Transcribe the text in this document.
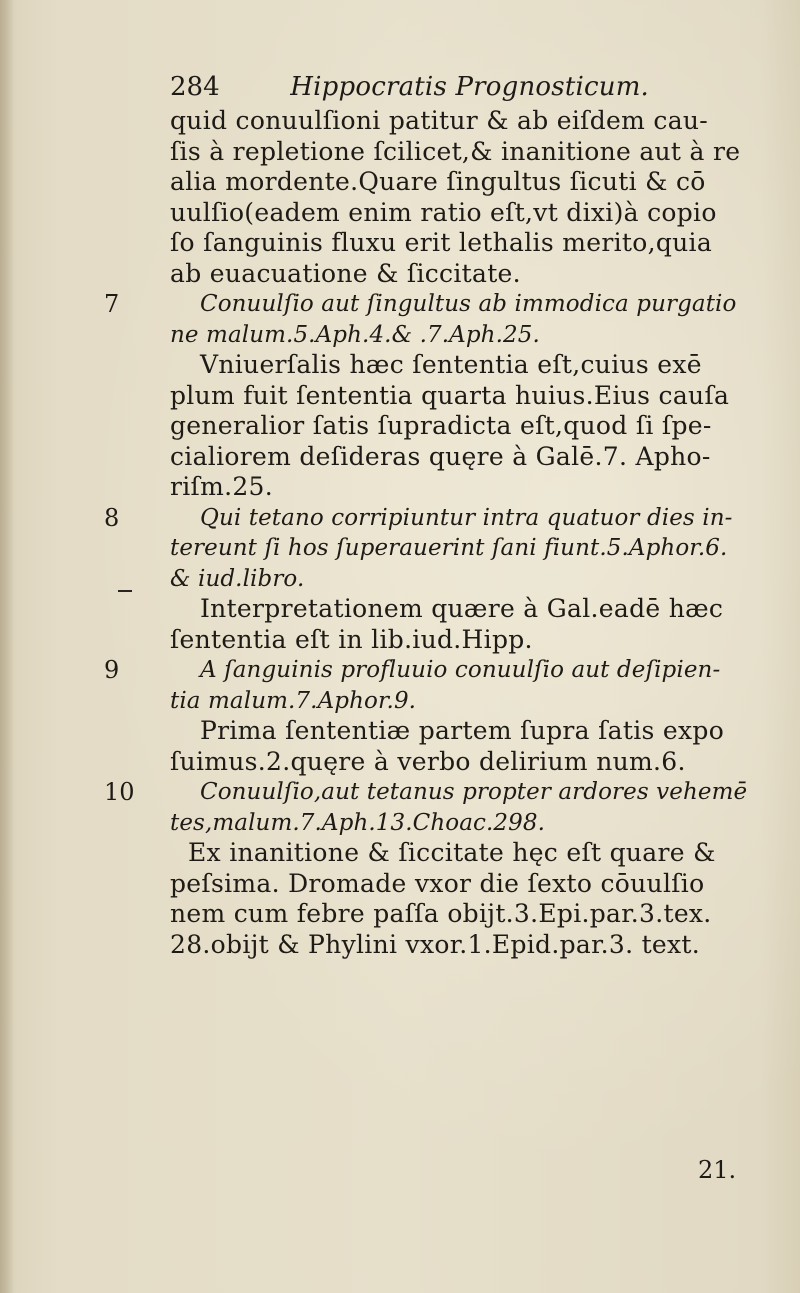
284	Hippocratis Prognosticum.
quid conuulſioni patitur & ab eiſdem cau-
ſis à repletione ſcilicet,& inanitione aut à re
alia mordente.Quare ſingultus ſicuti & cō
uulſio(eadem enim ratio eſt,vt dixi)à copio
ſo ſanguinis fluxu erit lethalis merito,quia
ab euacuatione & ſiccitate.
Conuulſio aut ſingultus ab immodica purgatio
ne malum.5.Aph.4.& .7.Aph.25.
Vniuerſalis hæc ſententia eſt,cuius exē
plum fuit ſententia quarta huius.Eius cauſa
generalior ſatis ſupradicta eſt,quod ſi ſpe-
cialiorem deſideras quęre à Galē.7. Apho-
riſm.25.
Qui tetano corripiuntur intra quatuor dies in-
tereunt ſi hos ſuperauerint ſani fiunt.5.Aphor.6.
& iud.libro.
Interpretationem quære à Gal.eadē hæc
ſententia eſt in lib.iud.Hipp.
A ſanguinis profluuio conuulſio aut deſipien-
tia malum.7.Aphor.9.
Prima ſententiæ partem ſupra ſatis expo
ſuimus.2.quęre à verbo delirium num.6.
Conuulſio,aut tetanus propter ardores vehemē
tes,malum.7.Aph.13.Choac.298.
Ex inanitione & ſiccitate hęc eſt quare &
peſsima. Dromade vxor die ſexto cōuulſio
nem cum febre paſſa obijt.3.Epi.par.3.tex.
28.obijt & Phylini vxor.1.Epid.par.3. text.
7
8
9
10
21.
